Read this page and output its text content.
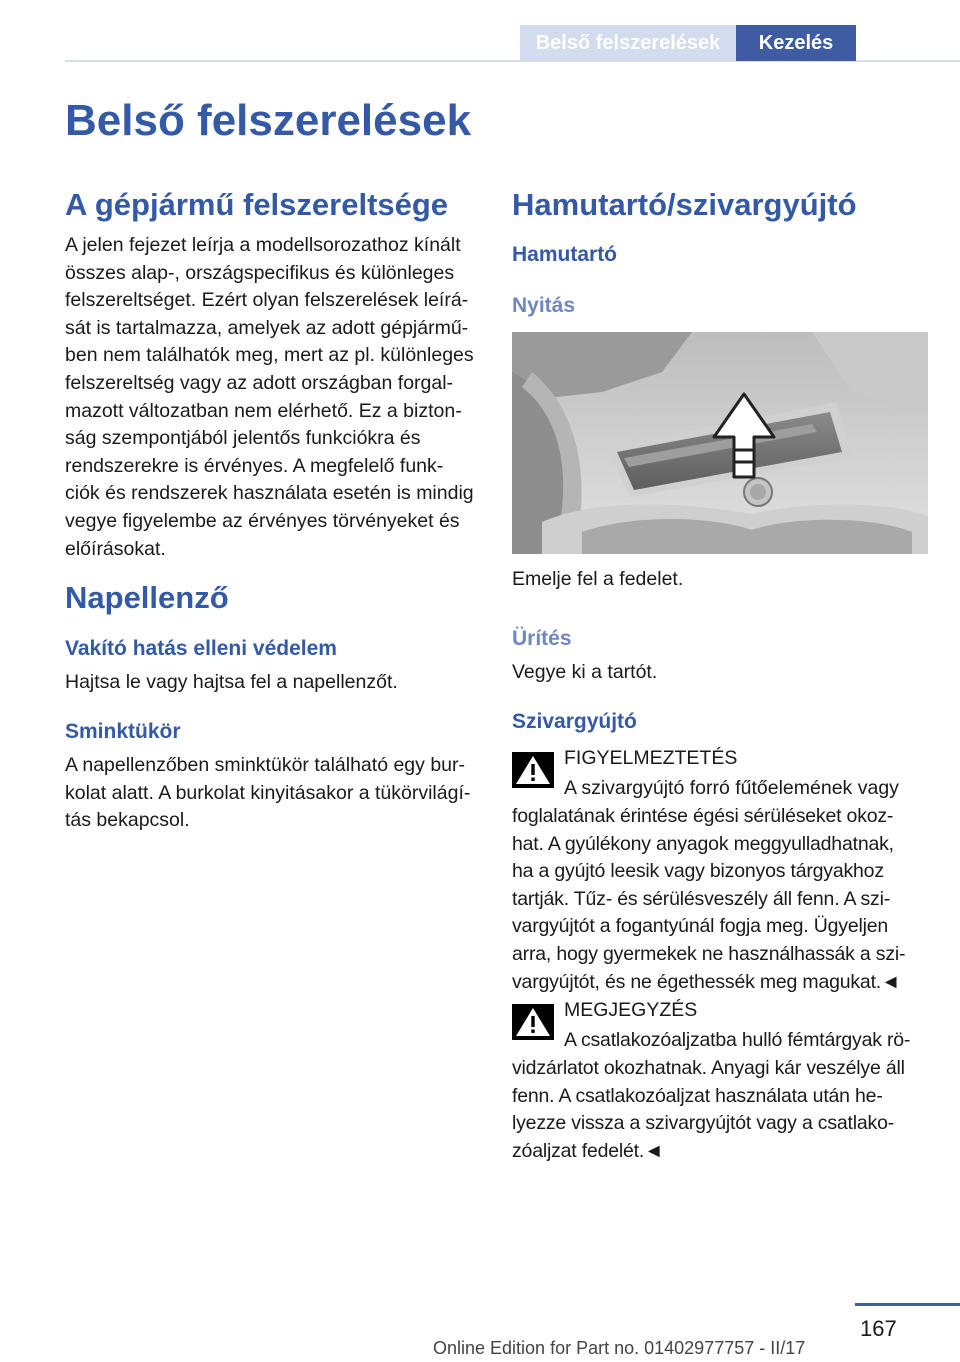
Belső felszerelések	Kezelés
Belső felszerelések
A gépjármű felszereltsége
A jelen fejezet leírja a modellsorozathoz kínált
összes alap-, országspecifikus és különleges
felszereltséget. Ezért olyan felszerelések leírá-
sát is tartalmazza, amelyek az adott gépjármű-
ben nem találhatók meg, mert az pl. különleges
felszereltség vagy az adott országban forgal-
mazott változatban nem elérhető. Ez a bizton-
ság szempontjából jelentős funkciókra és
rendszerekre is érvényes. A megfelelő funk-
ciók és rendszerek használata esetén is mindig
vegye figyelembe az érvényes törvényeket és
előírásokat.
Napellenző
Vakító hatás elleni védelem
Hajtsa le vagy hajtsa fel a napellenzőt.
Sminktükör
A napellenzőben sminktükör található egy bur-
kolat alatt. A burkolat kinyitásakor a tükörvilágí-
tás bekapcsol.
Hamutartó/szivargyújtó
Hamutartó
Nyitás
Emelje fel a fedelet.
Ürítés
Vegye ki a tartót.
Szivargyújtó
FIGYELMEZTETÉS
A szivargyújtó forró fűtőelemének vagy
foglalatának érintése égési sérüléseket okoz-
hat. A gyúlékony anyagok meggyulladhatnak,
ha a gyújtó leesik vagy bizonyos tárgyakhoz
tartják. Tűz- és sérülésveszély áll fenn. A szi-
vargyújtót a fogantyúnál fogja meg. Ügyeljen
arra, hogy gyermekek ne használhassák a szi-
vargyújtót, és ne égethessék meg magukat.◄
MEGJEGYZÉS
A csatlakozóaljzatba hulló fémtárgyak rö-
vidzárlatot okozhatnak. Anyagi kár veszélye áll
fenn. A csatlakozóaljzat használata után he-
lyezze vissza a szivargyújtót vagy a csatlako-
zóaljzat fedelét.◄
167
Online Edition for Part no. 01402977757 - II/17
